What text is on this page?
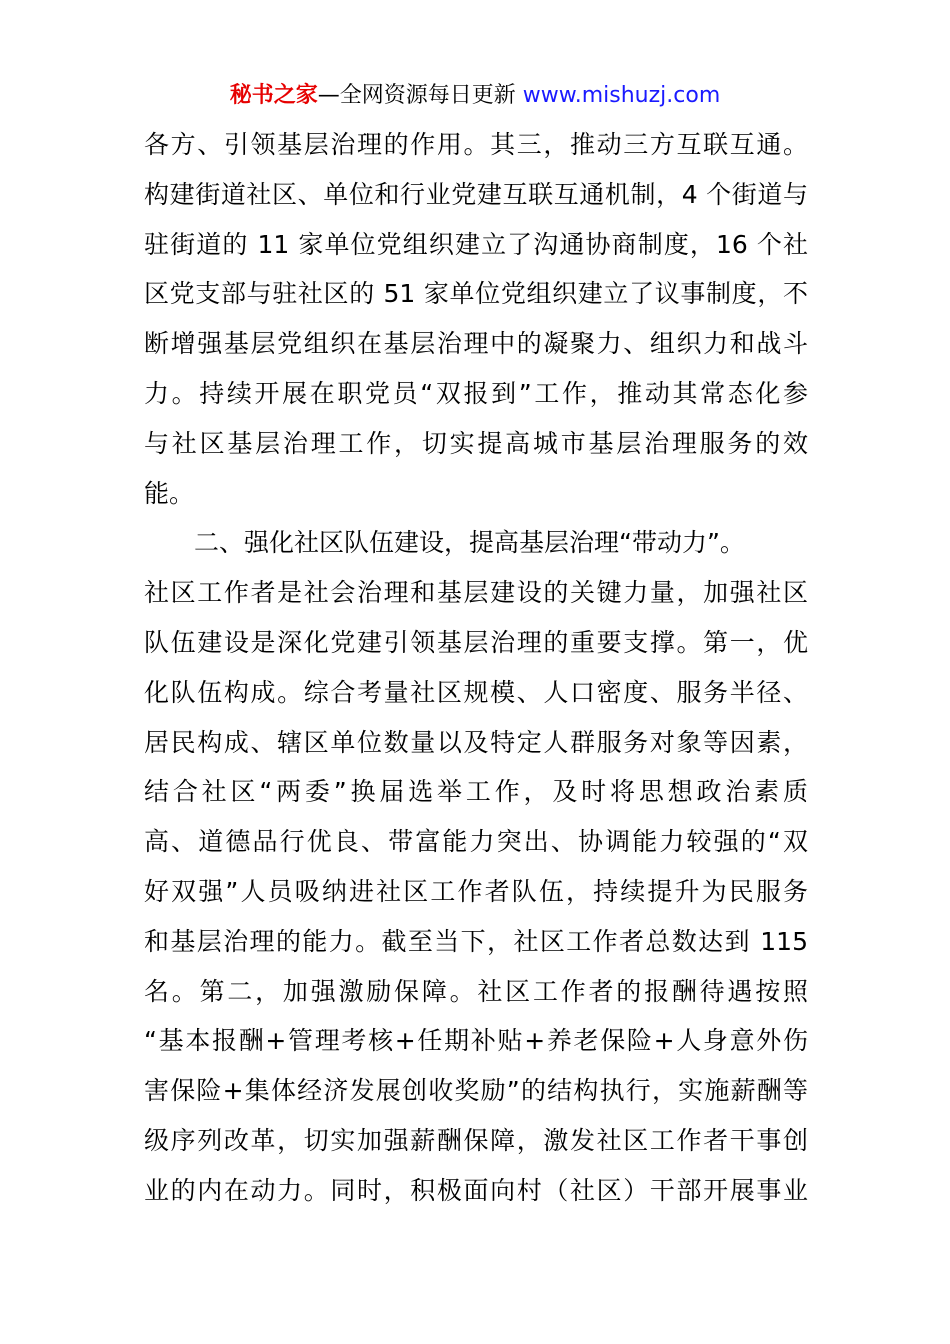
秘书之家—全网资源每日更新 www.mishuzj.com
各方、引领基层治理的作用。其三，推动三方互联互通。
构建街道社区、单位和行业党建互联互通机制，4 个街道与
驻街道的 11 家单位党组织建立了沟通协商制度，16 个社
区党支部与驻社区的 51 家单位党组织建立了议事制度，不
断增强基层党组织在基层治理中的凝聚力、组织力和战斗
力。持续开展在职党员“双报到”工作，推动其常态化参
与社区基层治理工作，切实提高城市基层治理服务的效
能。
二、强化社区队伍建设，提高基层治理“带动力”。
社区工作者是社会治理和基层建设的关键力量，加强社区
队伍建设是深化党建引领基层治理的重要支撑。第一，优
化队伍构成。综合考量社区规模、人口密度、服务半径、
居民构成、辖区单位数量以及特定人群服务对象等因素，
结合社区“两委”换届选举工作，及时将思想政治素质
高、道德品行优良、带富能力突出、协调能力较强的“双
好双强”人员吸纳进社区工作者队伍，持续提升为民服务
和基层治理的能力。截至当下，社区工作者总数达到 115
名。第二，加强激励保障。社区工作者的报酬待遇按照
“基本报酬+管理考核+任期补贴+养老保险+人身意外伤
害保险+集体经济发展创收奖励”的结构执行，实施薪酬等
级序列改革，切实加强薪酬保障，激发社区工作者干事创
业的内在动力。同时，积极面向村（社区）干部开展事业
